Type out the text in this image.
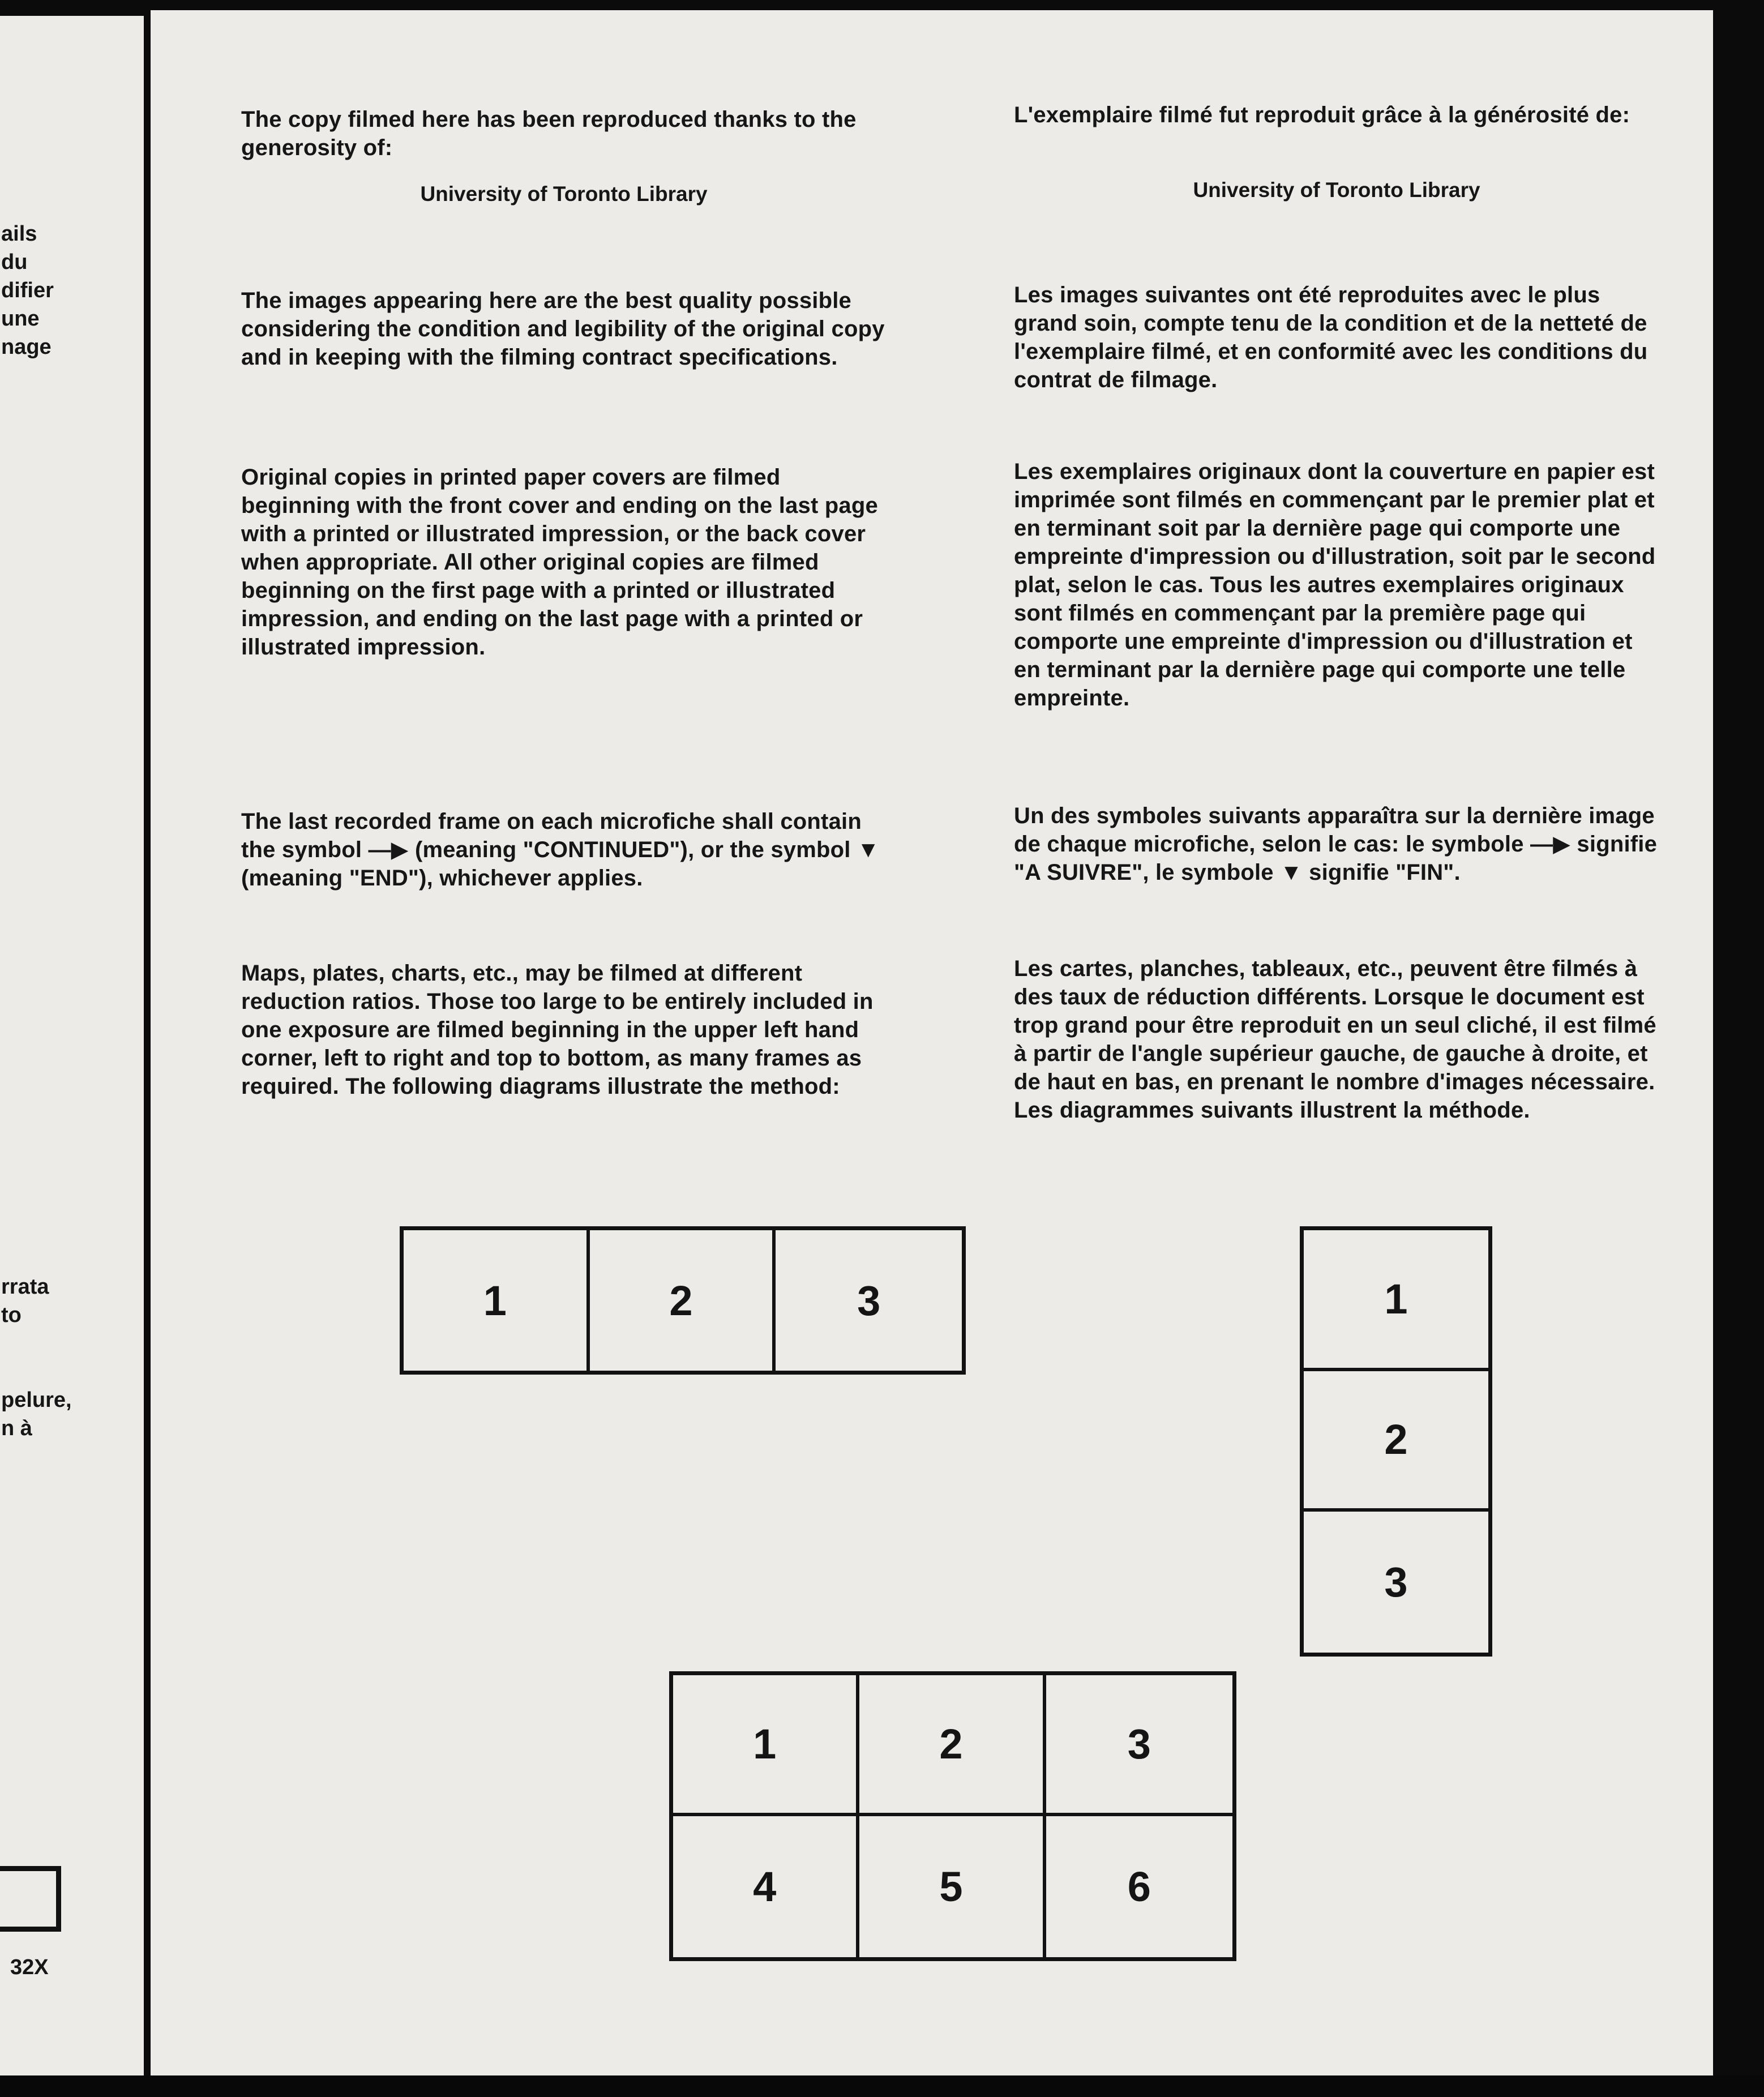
ails
du
difier
une
nage
rrata
to
pelure,
n à
32X
The copy filmed here has been reproduced thanks to the generosity of:
University of Toronto Library
The images appearing here are the best quality possible considering the condition and legibility of the original copy and in keeping with the filming contract specifications.
Original copies in printed paper covers are filmed beginning with the front cover and ending on the last page with a printed or illustrated impression, or the back cover when appropriate. All other original copies are filmed beginning on the first page with a printed or illustrated impression, and ending on the last page with a printed or illustrated impression.
The last recorded frame on each microfiche shall contain the symbol —▶ (meaning "CONTINUED"), or the symbol ▼ (meaning "END"), whichever applies.
Maps, plates, charts, etc., may be filmed at different reduction ratios. Those too large to be entirely included in one exposure are filmed beginning in the upper left hand corner, left to right and top to bottom, as many frames as required. The following diagrams illustrate the method:
L'exemplaire filmé fut reproduit grâce à la générosité de:
University of Toronto Library
Les images suivantes ont été reproduites avec le plus grand soin, compte tenu de la condition et de la netteté de l'exemplaire filmé, et en conformité avec les conditions du contrat de filmage.
Les exemplaires originaux dont la couverture en papier est imprimée sont filmés en commençant par le premier plat et en terminant soit par la dernière page qui comporte une empreinte d'impression ou d'illustration, soit par le second plat, selon le cas. Tous les autres exemplaires originaux sont filmés en commençant par la première page qui comporte une empreinte d'impression ou d'illustration et en terminant par la dernière page qui comporte une telle empreinte.
Un des symboles suivants apparaîtra sur la dernière image de chaque microfiche, selon le cas: le symbole —▶ signifie "A SUIVRE", le symbole ▼ signifie "FIN".
Les cartes, planches, tableaux, etc., peuvent être filmés à des taux de réduction différents. Lorsque le document est trop grand pour être reproduit en un seul cliché, il est filmé à partir de l'angle supérieur gauche, de gauche à droite, et de haut en bas, en prenant le nombre d'images nécessaire. Les diagrammes suivants illustrent la méthode.
1	2	3	1
2
3
1	2	3
4	5	6
